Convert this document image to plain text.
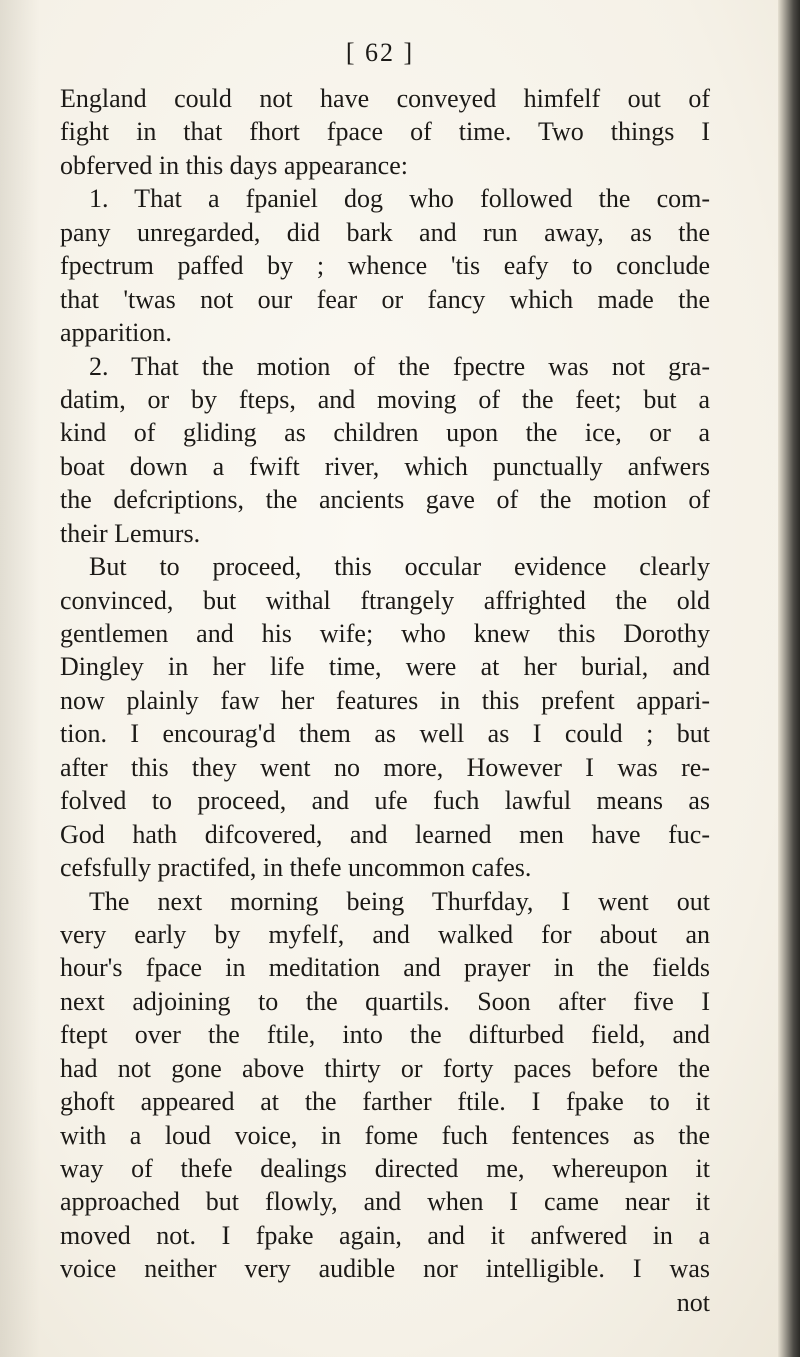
[ 62 ]
England could not have conveyed himfelf out of
fight in that fhort fpace of time. Two things I
obferved in this days appearance:
1. That a fpaniel dog who followed the com-
pany unregarded, did bark and run away, as the
fpectrum paffed by ; whence 'tis eafy to conclude
that 'twas not our fear or fancy which made the
apparition.
2. That the motion of the fpectre was not gra-
datim, or by fteps, and moving of the feet; but a
kind of gliding as children upon the ice, or a
boat down a fwift river, which punctually anfwers
the defcriptions, the ancients gave of the motion of
their Lemurs.
But to proceed, this occular evidence clearly
convinced, but withal ftrangely affrighted the old
gentlemen and his wife; who knew this Dorothy
Dingley in her life time, were at her burial, and
now plainly faw her features in this prefent appari-
tion. I encourag'd them as well as I could ; but
after this they went no more, However I was re-
folved to proceed, and ufe fuch lawful means as
God hath difcovered, and learned men have fuc-
cefsfully practifed, in thefe uncommon cafes.
The next morning being Thurfday, I went out
very early by myfelf, and walked for about an
hour's fpace in meditation and prayer in the fields
next adjoining to the quartils. Soon after five I
ftept over the ftile, into the difturbed field, and
had not gone above thirty or forty paces before the
ghoft appeared at the farther ftile. I fpake to it
with a loud voice, in fome fuch fentences as the
way of thefe dealings directed me, whereupon it
approached but flowly, and when I came near it
moved not. I fpake again, and it anfwered in a
voice neither very audible nor intelligible. I was
not
